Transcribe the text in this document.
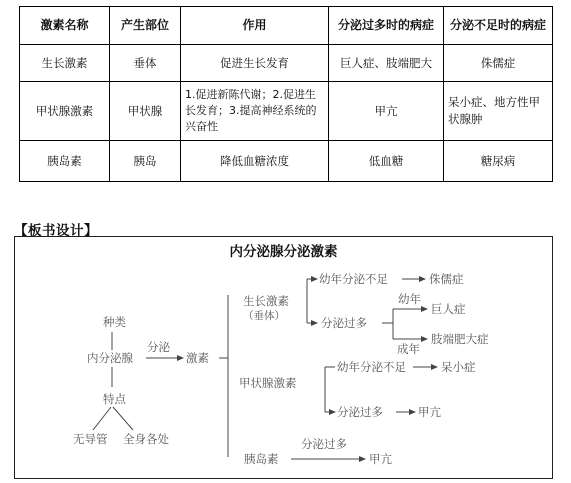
激素名称	产生部位	作用	分泌过多时的病症	分泌不足时的病症
生长激素	垂体	促进生长发育	巨人症、肢端肥大	侏儒症
甲状腺激素	甲状腺	1.促进新陈代谢；2.促进生长发育；3.提高神经系统的兴奋性	甲亢	呆小症、地方性甲状腺肿
胰岛素	胰岛	降低血糖浓度	低血糖	糖尿病
【板书设计】
内分泌腺分泌激素
种类
内分泌腺
分泌
激素
特点
无导管 全身各处
生长激素
（垂体）
幼年分泌不足	侏儒症
分泌过多
幼年
巨人症
成年
肢端肥大症
甲状腺激素
幼年分泌不足	呆小症
分泌过多	甲亢
胰岛素
分泌过多
甲亢
